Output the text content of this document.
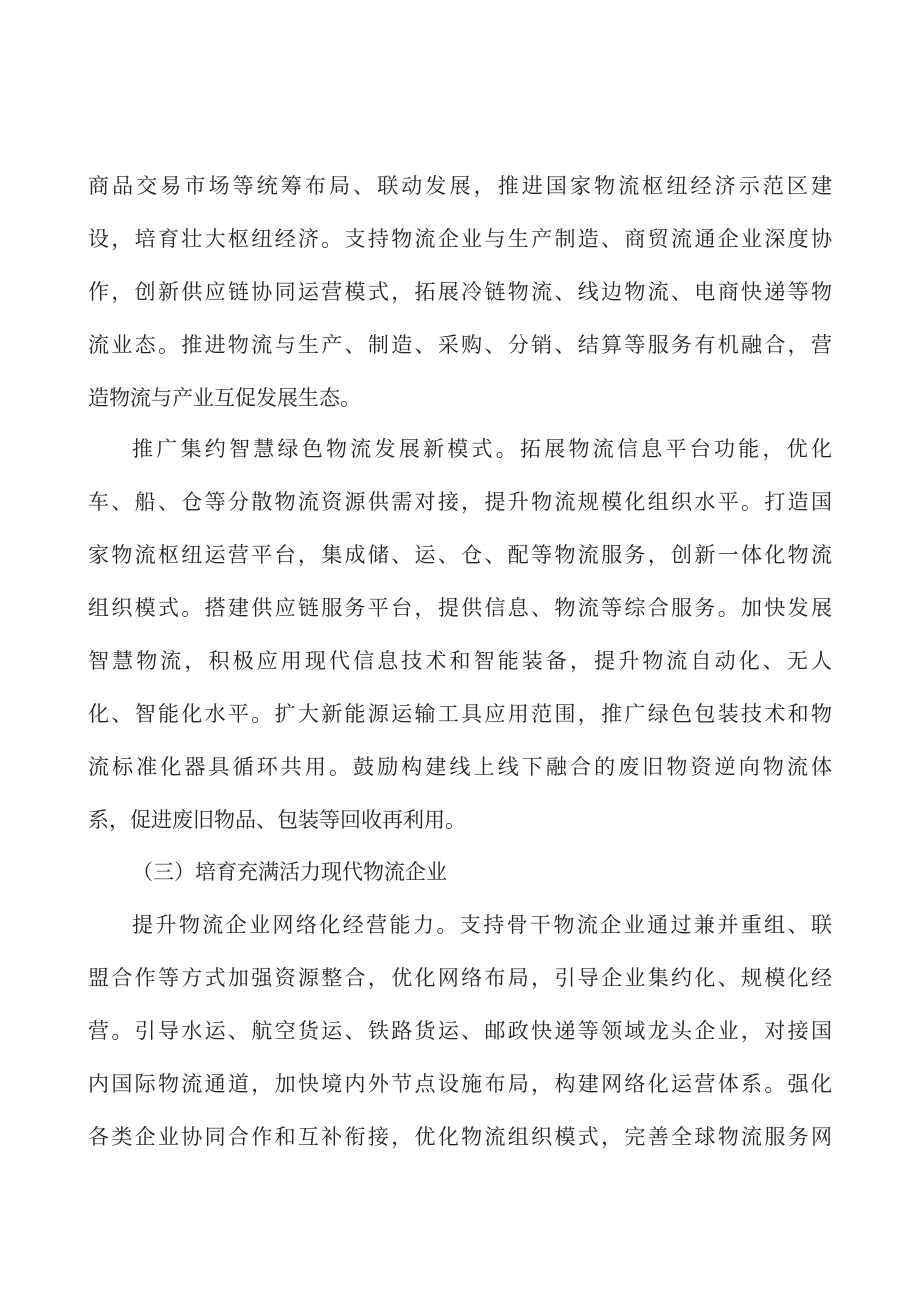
商品交易市场等统筹布局、联动发展，推进国家物流枢纽经济示范区建
设，培育壮大枢纽经济。支持物流企业与生产制造、商贸流通企业深度协
作，创新供应链协同运营模式，拓展冷链物流、线边物流、电商快递等物
流业态。推进物流与生产、制造、采购、分销、结算等服务有机融合，营
造物流与产业互促发展生态。
推广集约智慧绿色物流发展新模式。拓展物流信息平台功能，优化
车、船、仓等分散物流资源供需对接，提升物流规模化组织水平。打造国
家物流枢纽运营平台，集成储、运、仓、配等物流服务，创新一体化物流
组织模式。搭建供应链服务平台，提供信息、物流等综合服务。加快发展
智慧物流，积极应用现代信息技术和智能装备，提升物流自动化、无人
化、智能化水平。扩大新能源运输工具应用范围，推广绿色包装技术和物
流标准化器具循环共用。鼓励构建线上线下融合的废旧物资逆向物流体
系，促进废旧物品、包装等回收再利用。
（三）培育充满活力现代物流企业
提升物流企业网络化经营能力。支持骨干物流企业通过兼并重组、联
盟合作等方式加强资源整合，优化网络布局，引导企业集约化、规模化经
营。引导水运、航空货运、铁路货运、邮政快递等领域龙头企业，对接国
内国际物流通道，加快境内外节点设施布局，构建网络化运营体系。强化
各类企业协同合作和互补衔接，优化物流组织模式，完善全球物流服务网
